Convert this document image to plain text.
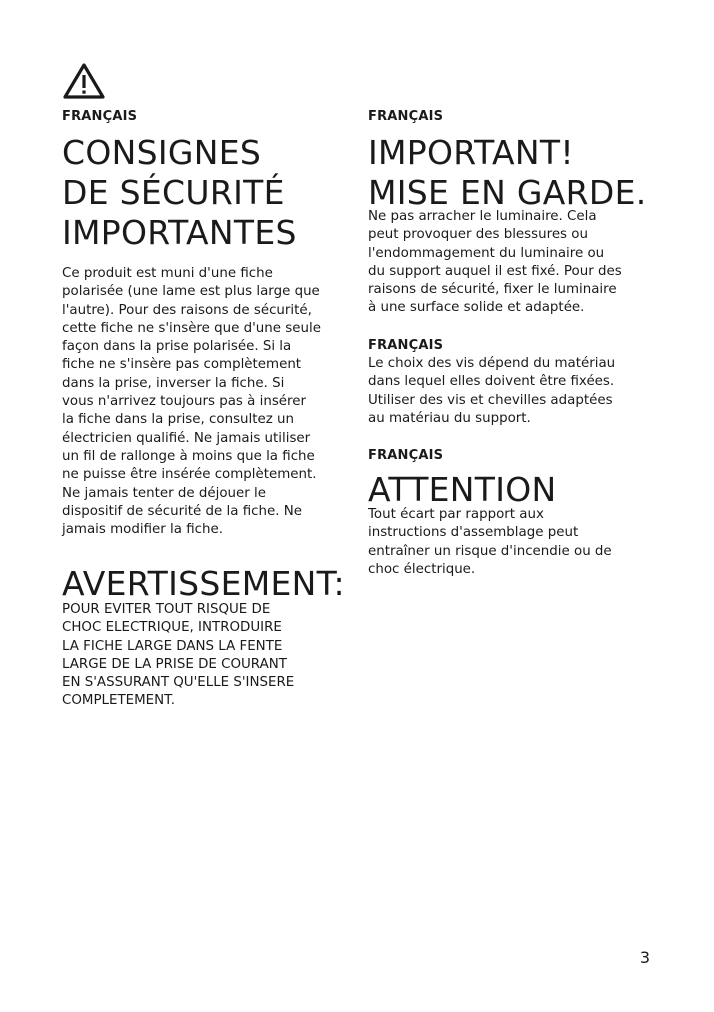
FRANÇAIS

CONSIGNES
DE SÉCURITÉ
IMPORTANTES

Ce produit est muni d'une fiche
polarisée (une lame est plus large que
l'autre). Pour des raisons de sécurité,
cette fiche ne s'insère que d'une seule
façon dans la prise polarisée. Si la
fiche ne s'insère pas complètement
dans la prise, inverser la fiche. Si
vous n'arrivez toujours pas à insérer
la fiche dans la prise, consultez un
électricien qualifié. Ne jamais utiliser
un fil de rallonge à moins que la fiche
ne puisse être insérée complètement.
Ne jamais tenter de déjouer le
dispositif de sécurité de la fiche. Ne
jamais modifier la fiche.

AVERTISSEMENT:

POUR EVITER TOUT RISQUE DE
CHOC ELECTRIQUE, INTRODUIRE
LA FICHE LARGE DANS LA FENTE
LARGE DE LA PRISE DE COURANT
EN S'ASSURANT QU'ELLE S'INSERE
COMPLETEMENT.

FRANÇAIS

IMPORTANT!
MISE EN GARDE.

Ne pas arracher le luminaire. Cela
peut provoquer des blessures ou
l'endommagement du luminaire ou
du support auquel il est fixé. Pour des
raisons de sécurité, fixer le luminaire
à une surface solide et adaptée.

FRANÇAIS

Le choix des vis dépend du matériau
dans lequel elles doivent être fixées.
Utiliser des vis et chevilles adaptées
au matériau du support.

FRANÇAIS

ATTENTION

Tout écart par rapport aux
instructions d'assemblage peut
entraîner un risque d'incendie ou de
choc électrique.

3
